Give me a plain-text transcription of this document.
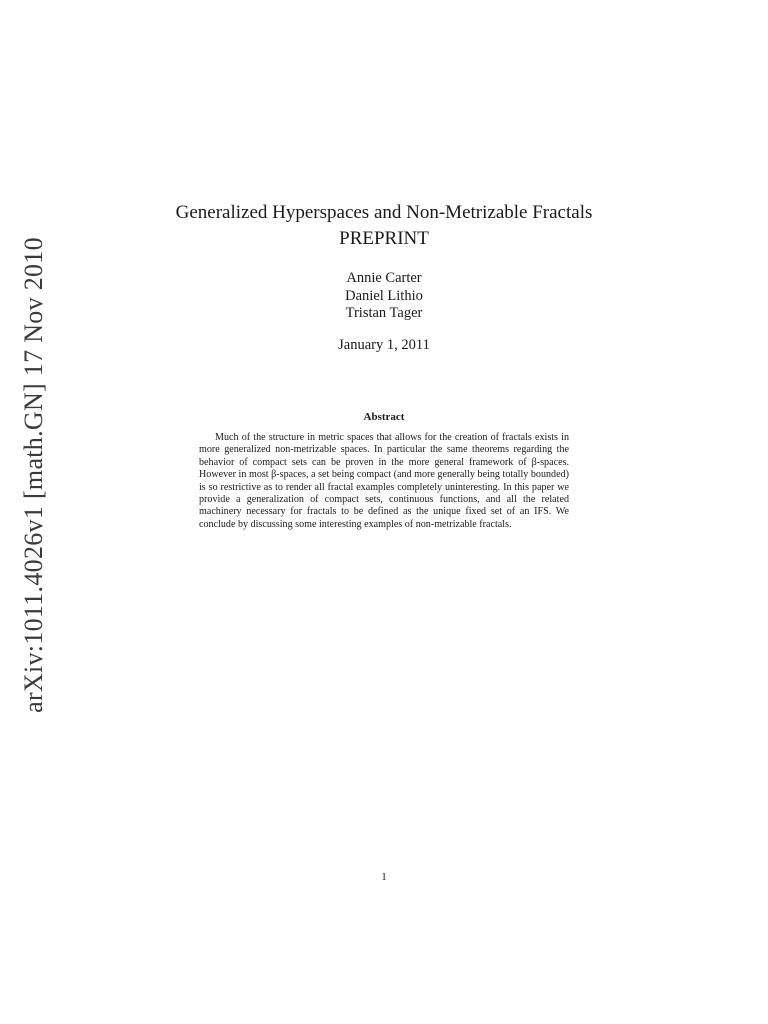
arXiv:1011.4026v1 [math.GN] 17 Nov 2010
Generalized Hyperspaces and Non-Metrizable Fractals
PREPRINT
Annie Carter
Daniel Lithio
Tristan Tager
January 1, 2011
Abstract

Much of the structure in metric spaces that allows for the creation of fractals exists in more generalized non-metrizable spaces. In particular the same theorems regarding the behavior of compact sets can be proven in the more general framework of β-spaces. However in most β-spaces, a set being compact (and more generally being totally bounded) is so restrictive as to render all fractal examples completely uninteresting. In this paper we provide a generalization of compact sets, continuous functions, and all the related machinery necessary for fractals to be defined as the unique fixed set of an IFS. We conclude by discussing some interesting examples of non-metrizable fractals.

1
